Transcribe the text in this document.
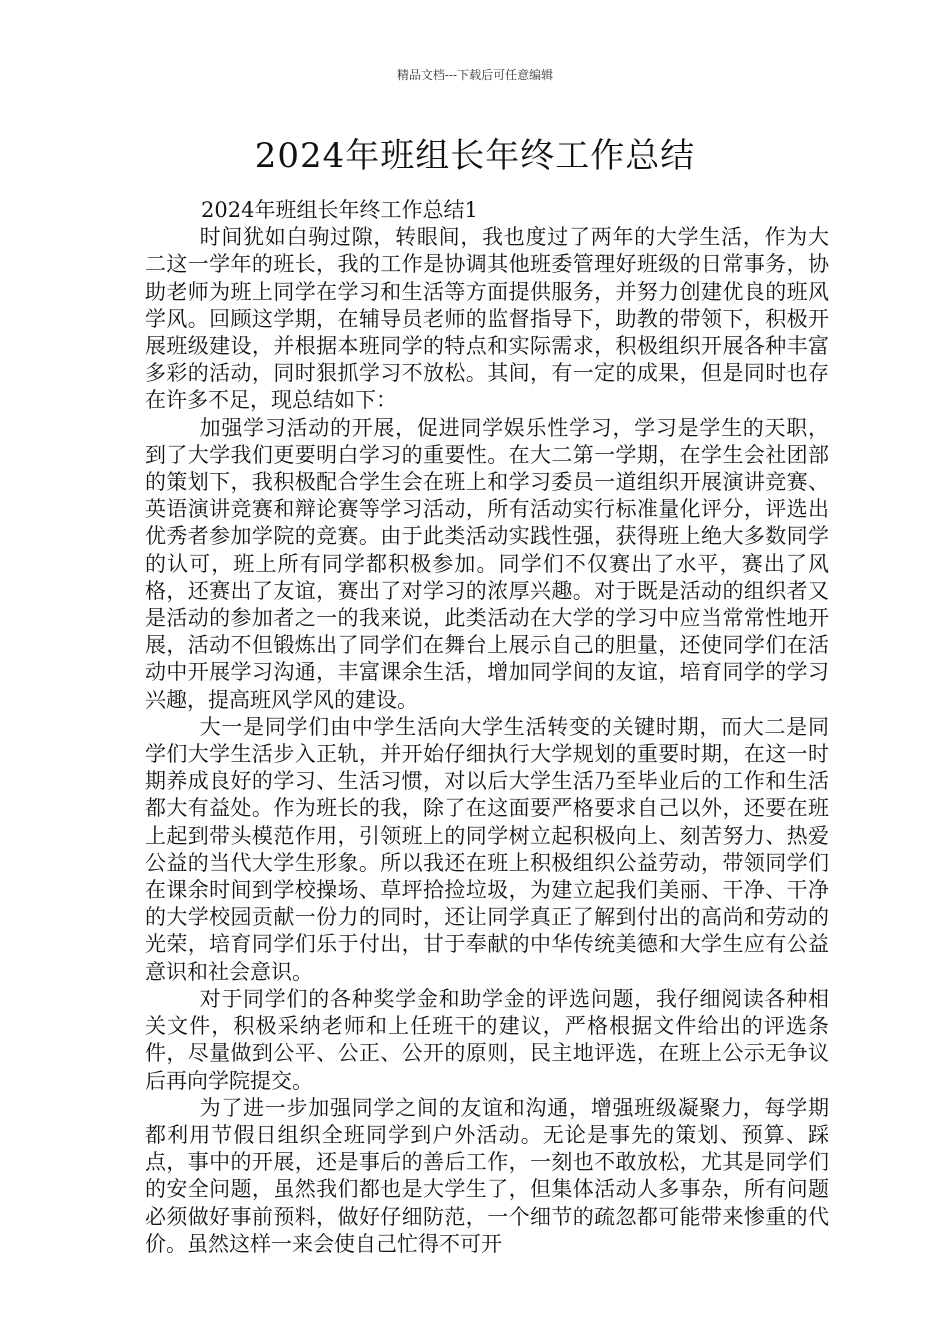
精品文档---下载后可任意编辑
2024年班组长年终工作总结

2024年班组长年终工作总结1

时间犹如白驹过隙，转眼间，我也度过了两年的大学生活，作为大二这一学年的班长，我的工作是协调其他班委管理好班级的日常事务，协助老师为班上同学在学习和生活等方面提供服务，并努力创建优良的班风学风。回顾这学期，在辅导员老师的监督指导下，助教的带领下，积极开展班级建设，并根据本班同学的特点和实际需求，积极组织开展各种丰富多彩的活动，同时狠抓学习不放松。其间，有一定的成果，但是同时也存在许多不足，现总结如下：

加强学习活动的开展，促进同学娱乐性学习，学习是学生的天职，到了大学我们更要明白学习的重要性。在大二第一学期，在学生会社团部的策划下，我积极配合学生会在班上和学习委员一道组织开展演讲竞赛、英语演讲竞赛和辩论赛等学习活动，所有活动实行标准量化评分，评选出优秀者参加学院的竞赛。由于此类活动实践性强，获得班上绝大多数同学的认可，班上所有同学都积极参加。同学们不仅赛出了水平，赛出了风格，还赛出了友谊，赛出了对学习的浓厚兴趣。对于既是活动的组织者又是活动的参加者之一的我来说，此类活动在大学的学习中应当常常性地开展，活动不但锻炼出了同学们在舞台上展示自己的胆量，还使同学们在活动中开展学习沟通，丰富课余生活，增加同学间的友谊，培育同学的学习兴趣，提高班风学风的建设。

大一是同学们由中学生活向大学生活转变的关键时期，而大二是同学们大学生活步入正轨，并开始仔细执行大学规划的重要时期，在这一时期养成良好的学习、生活习惯，对以后大学生活乃至毕业后的工作和生活都大有益处。作为班长的我，除了在这面要严格要求自己以外，还要在班上起到带头模范作用，引领班上的同学树立起积极向上、刻苦努力、热爱公益的当代大学生形象。所以我还在班上积极组织公益劳动，带领同学们在课余时间到学校操场、草坪拾捡垃圾，为建立起我们美丽、干净、干净的大学校园贡献一份力的同时，还让同学真正了解到付出的高尚和劳动的光荣，培育同学们乐于付出，甘于奉献的中华传统美德和大学生应有公益意识和社会意识。

对于同学们的各种奖学金和助学金的评选问题，我仔细阅读各种相关文件，积极采纳老师和上任班干的建议，严格根据文件给出的评选条件，尽量做到公平、公正、公开的原则，民主地评选，在班上公示无争议后再向学院提交。

为了进一步加强同学之间的友谊和沟通，增强班级凝聚力，每学期都利用节假日组织全班同学到户外活动。无论是事先的策划、预算、踩点，事中的开展，还是事后的善后工作，一刻也不敢放松，尤其是同学们的安全问题，虽然我们都也是大学生了，但集体活动人多事杂，所有问题必须做好事前预料，做好仔细防范，一个细节的疏忽都可能带来惨重的代价。虽然这样一来会使自己忙得不可开
